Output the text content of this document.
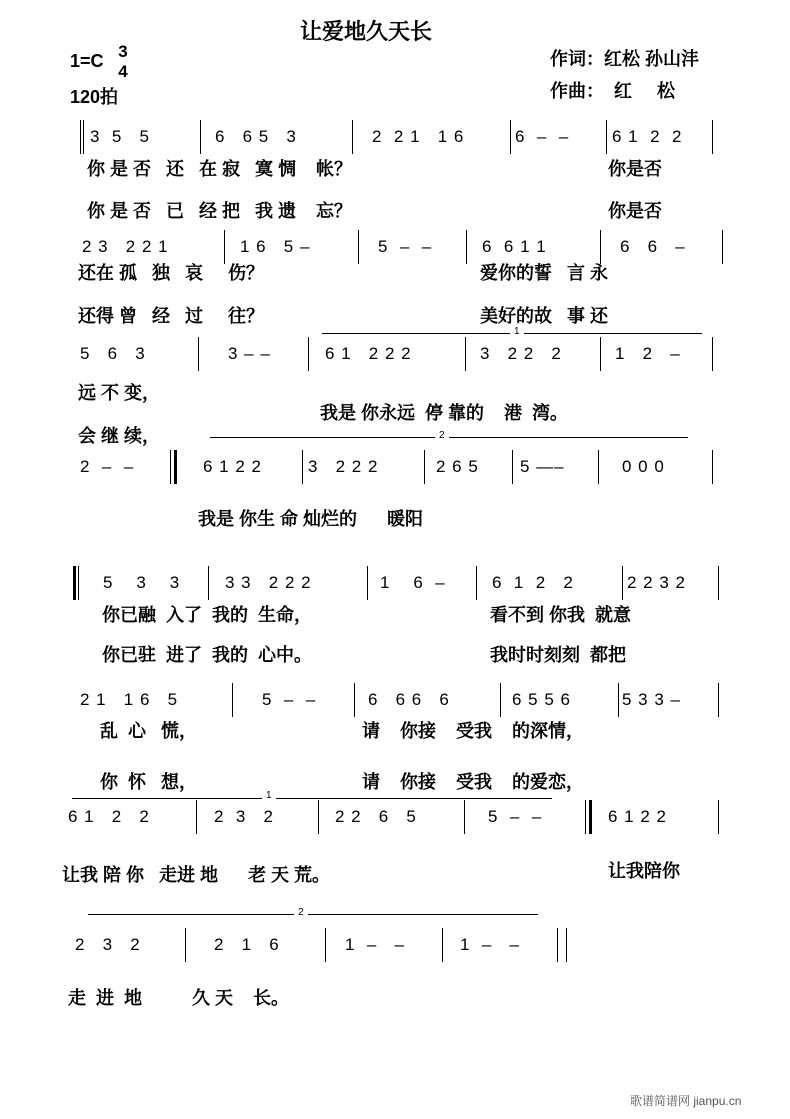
让爱地久天长
1=C 3
4
120拍
作词：红松 孙山沣
作曲：  红     松
3  5   5	6   6 5   3	2  2 1   1 6	6  –  –	6 1  2  2
你 是 否   还   在 寂   寞 惆    帐？	你是否
你 是 否   已   经 把   我 遗    忘？	你是否
2 3   2 2 1	1 6   5 –	5  –  –	6  6 1 1	6   6   –
还在 孤   独   哀     伤？	爱你的誓   言 永
还得 曾   经   过     往？	美好的故   事 还
1
5   6   3	3 – –	6 1   2 2 2	3   2 2   2	1   2   –
远 不 变，
我是 你永远  停 靠的    港  湾。
会 继 续，	2
2  –  –	6 1 2 2	3   2 2 2	2 6 5 5 —–	0 0 0
我是 你生 命 灿烂的      暖阳
5    3    3	3 3   2 2 2	1    6  –	6  1  2   2	2 2 3 2
你已融  入了  我的  生命，	看不到 你我  就意
你已驻  进了  我的  心中。	我时时刻刻  都把
2 1   1 6   5	5  –  –	6   6 6   6	6 5 5 6	5 3 3 –
乱  心   慌，	请    你接    受我    的深情，
你  怀   想，	请    你接    受我    的爱恋，
1
6 1   2   2	2  3   2	2 2   6   5	5  –  –	6 1 2 2
让我 陪 你   走进 地      老 天 荒。	让我陪你
2
2   3   2	2   1   6	1  –   –	1  –   –
走  进  地          久 天    长。
歌谱简谱网 jianpu.cn
